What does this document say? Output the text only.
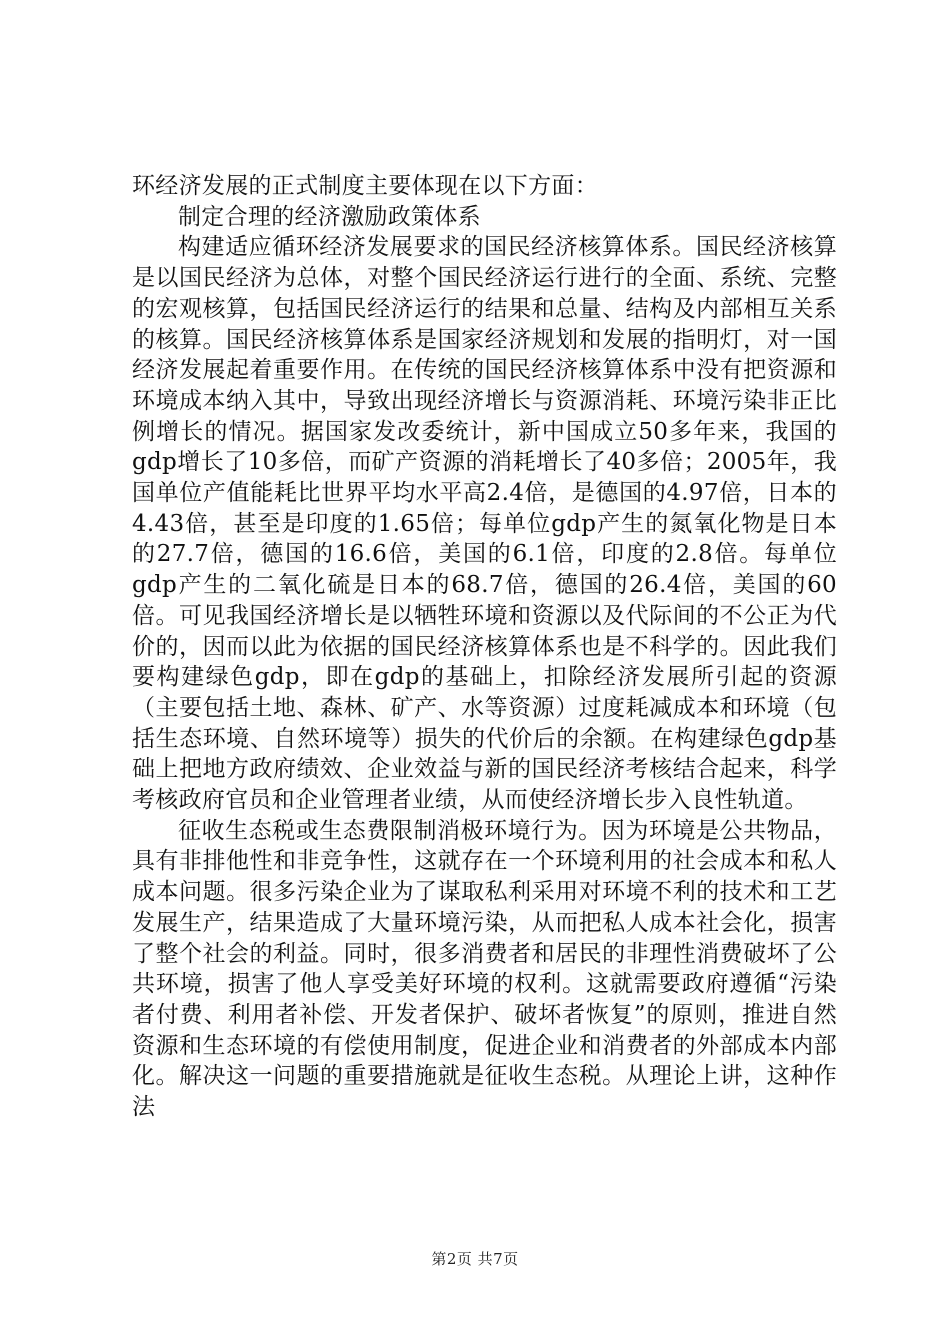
环经济发展的正式制度主要体现在以下方面：

制定合理的经济激励政策体系

构建适应循环经济发展要求的国民经济核算体系。国民经济核算是以国民经济为总体，对整个国民经济运行进行的全面、系统、完整的宏观核算，包括国民经济运行的结果和总量、结构及内部相互关系的核算。国民经济核算体系是国家经济规划和发展的指明灯，对一国经济发展起着重要作用。在传统的国民经济核算体系中没有把资源和环境成本纳入其中，导致出现经济增长与资源消耗、环境污染非正比例增长的情况。据国家发改委统计，新中国成立50多年来，我国的gdp增长了10多倍，而矿产资源的消耗增长了40多倍；2005年，我国单位产值能耗比世界平均水平高2.4倍，是德国的4.97倍，日本的4.43倍，甚至是印度的1.65倍；每单位gdp产生的氮氧化物是日本的27.7倍，德国的16.6倍，美国的6.1倍，印度的2.8倍。每单位gdp产生的二氧化硫是日本的68.7倍，德国的26.4倍，美国的60倍。可见我国经济增长是以牺牲环境和资源以及代际间的不公正为代价的，因而以此为依据的国民经济核算体系也是不科学的。因此我们要构建绿色gdp，即在gdp的基础上，扣除经济发展所引起的资源（主要包括土地、森林、矿产、水等资源）过度耗减成本和环境（包括生态环境、自然环境等）损失的代价后的余额。在构建绿色gdp基础上把地方政府绩效、企业效益与新的国民经济考核结合起来，科学考核政府官员和企业管理者业绩，从而使经济增长步入良性轨道。

征收生态税或生态费限制消极环境行为。因为环境是公共物品，具有非排他性和非竞争性，这就存在一个环境利用的社会成本和私人成本问题。很多污染企业为了谋取私利采用对环境不利的技术和工艺发展生产，结果造成了大量环境污染，从而把私人成本社会化，损害了整个社会的利益。同时，很多消费者和居民的非理性消费破坏了公共环境，损害了他人享受美好环境的权利。这就需要政府遵循“污染者付费、利用者补偿、开发者保护、破坏者恢复”的原则，推进自然资源和生态环境的有偿使用制度，促进企业和消费者的外部成本内部化。解决这一问题的重要措施就是征收生态税。从理论上讲，这种作法

第2页 共7页
